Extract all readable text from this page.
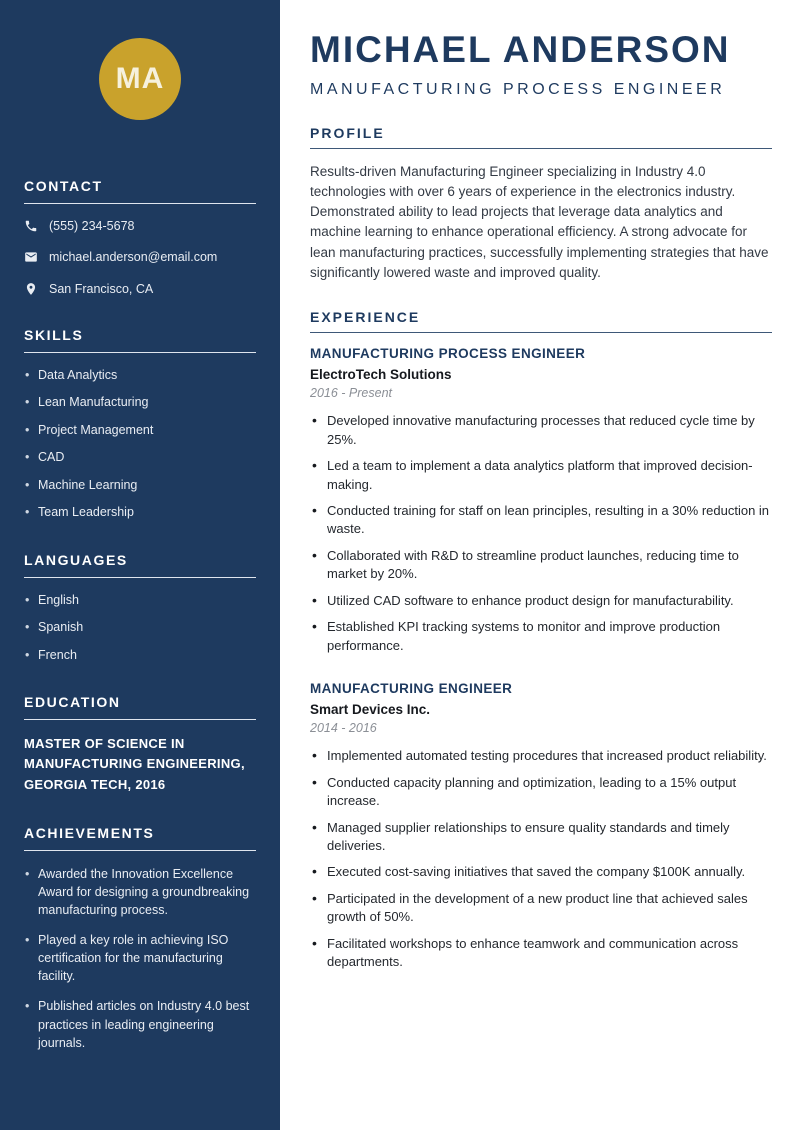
MA
CONTACT
(555) 234-5678
michael.anderson@email.com
San Francisco, CA
SKILLS
• Data Analytics
• Lean Manufacturing
• Project Management
• CAD
• Machine Learning
• Team Leadership
LANGUAGES
• English
• Spanish
• French
EDUCATION
MASTER OF SCIENCE IN MANUFACTURING ENGINEERING, GEORGIA TECH, 2016
ACHIEVEMENTS
• Awarded the Innovation Excellence Award for designing a groundbreaking manufacturing process.
• Played a key role in achieving ISO certification for the manufacturing facility.
• Published articles on Industry 4.0 best practices in leading engineering journals.
MICHAEL ANDERSON
MANUFACTURING PROCESS ENGINEER
PROFILE

Results-driven Manufacturing Engineer specializing in Industry 4.0 technologies with over 6 years of experience in the electronics industry. Demonstrated ability to lead projects that leverage data analytics and machine learning to enhance operational efficiency. A strong advocate for lean manufacturing practices, successfully implementing strategies that have significantly lowered waste and improved quality.

EXPERIENCE
MANUFACTURING PROCESS ENGINEER
ElectroTech Solutions
2016 - Present
• Developed innovative manufacturing processes that reduced cycle time by 25%.
• Led a team to implement a data analytics platform that improved decision-making.
• Conducted training for staff on lean principles, resulting in a 30% reduction in waste.
• Collaborated with R&D to streamline product launches, reducing time to market by 20%.
• Utilized CAD software to enhance product design for manufacturability.
• Established KPI tracking systems to monitor and improve production performance.
MANUFACTURING ENGINEER
Smart Devices Inc.
2014 - 2016
• Implemented automated testing procedures that increased product reliability.
• Conducted capacity planning and optimization, leading to a 15% output increase.
• Managed supplier relationships to ensure quality standards and timely deliveries.
• Executed cost-saving initiatives that saved the company $100K annually.
• Participated in the development of a new product line that achieved sales growth of 50%.
• Facilitated workshops to enhance teamwork and communication across departments.
